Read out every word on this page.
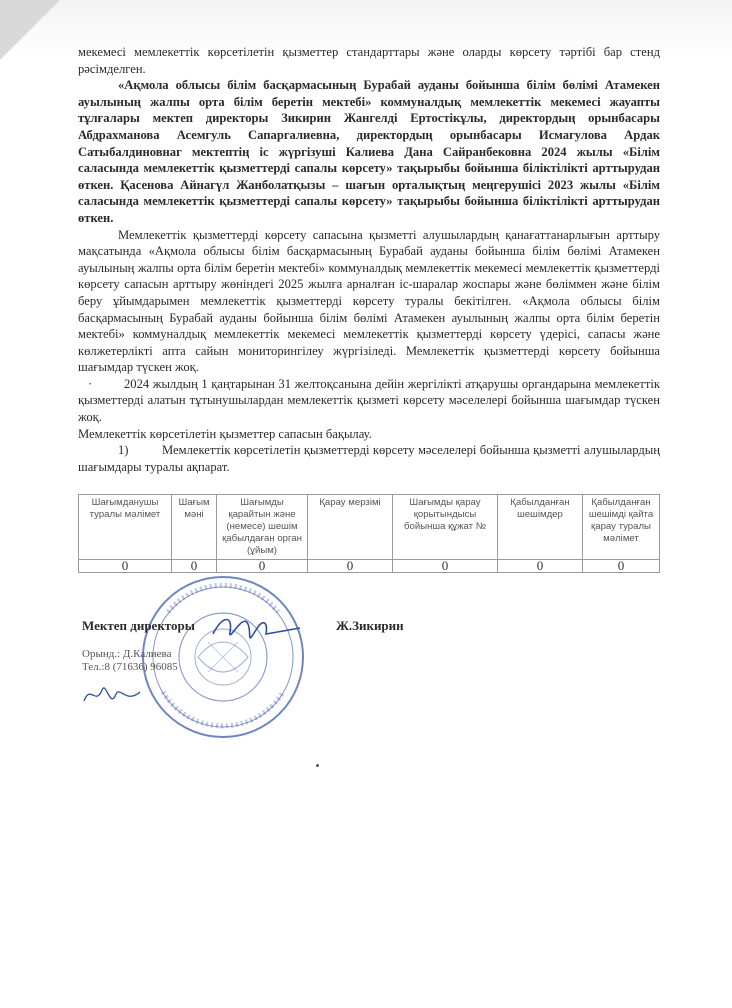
мекемесі мемлекеттік көрсетілетін қызметтер стандарттары және оларды көрсету тәртібі бар стенд рәсімделген.

«Ақмола облысы білім басқармасының Бурабай ауданы бойынша білім бөлімі Атамекен ауылының жалпы орта білім беретін мектебі» коммуналдық мемлекеттік мекемесі жауапты тұлғалары мектеп директоры Зикирин Жангелді Ертостікұлы, директордың орынбасары Абдрахманова Асемгуль Сапаргалиевна, директордың орынбасары Исмагулова Ардак Сатыбалдиновнаг мектептің іс жүргізуші Калиева Дана Сайранбековна 2024 жылы «Білім саласында мемлекеттік қызметтерді сапалы көрсету» тақырыбы бойынша біліктілікті арттырудан өткен. Қасенова Айнагүл Жанболатқызы – шағын орталықтың меңгерушісі 2023 жылы «Білім саласында мемлекеттік қызметтерді сапалы көрсету» тақырыбы бойынша біліктілікті арттырудан өткен.

Мемлекеттік қызметтерді көрсету сапасына қызметті алушылардың қанағаттанарлығын арттыру мақсатында «Ақмола облысы білім басқармасының Бурабай ауданы бойынша білім бөлімі Атамекен ауылының жалпы орта білім беретін мектебі» коммуналдық мемлекеттік мекемесі мемлекеттік қызметтерді көрсету сапасын арттыру жөніндегі 2025 жылға арналған іс-шаралар жоспары және бөліммен және білім беру ұйымдарымен мемлекеттік қызметтерді көрсету туралы бекітілген. «Ақмола облысы білім басқармасының Бурабай ауданы бойынша білім бөлімі Атамекен ауылының жалпы орта білім беретін мектебі» коммуналдық мемлекеттік мекемесі мемлекеттік қызметтерді көрсету үдерісі, сапасы және көлжетерлікті апта сайын мониторингілеу жүргізіледі. Мемлекеттік қызметтерді көрсету бойынша шағымдар түскен жоқ.

·	2024 жылдың 1 қаңтарынан 31 желтоқсанына дейін жергілікті атқарушы органдарына мемлекеттік қызметтерді алатын тұтынушылардан мемлекеттік қызметі көрсету мәселелері бойынша шағымдар түскен жоқ.

Мемлекеттік көрсетілетін қызметтер сапасын бақылау.

1)	Мемлекеттік көрсетілетін қызметтерді көрсету мәселелері бойынша қызметті алушылардың шағымдары туралы ақпарат.

Шағымданушы туралы мәлімет	Шағым мәні	Шағымды қарайтын және (немесе) шешім қабылдаған орган (ұйым)	Қарау мерзімі	Шағымды қарау қорытындысы бойынша құжат №	Қабылданған шешімдер	Қабылданған шешімді қайта қарау туралы мәлімет
0	0	0	0	0	0	0
Мектеп директоры	Ж.Зикирин
Орынд.: Д.Калиева
Тел.:8 (71636) 96085
